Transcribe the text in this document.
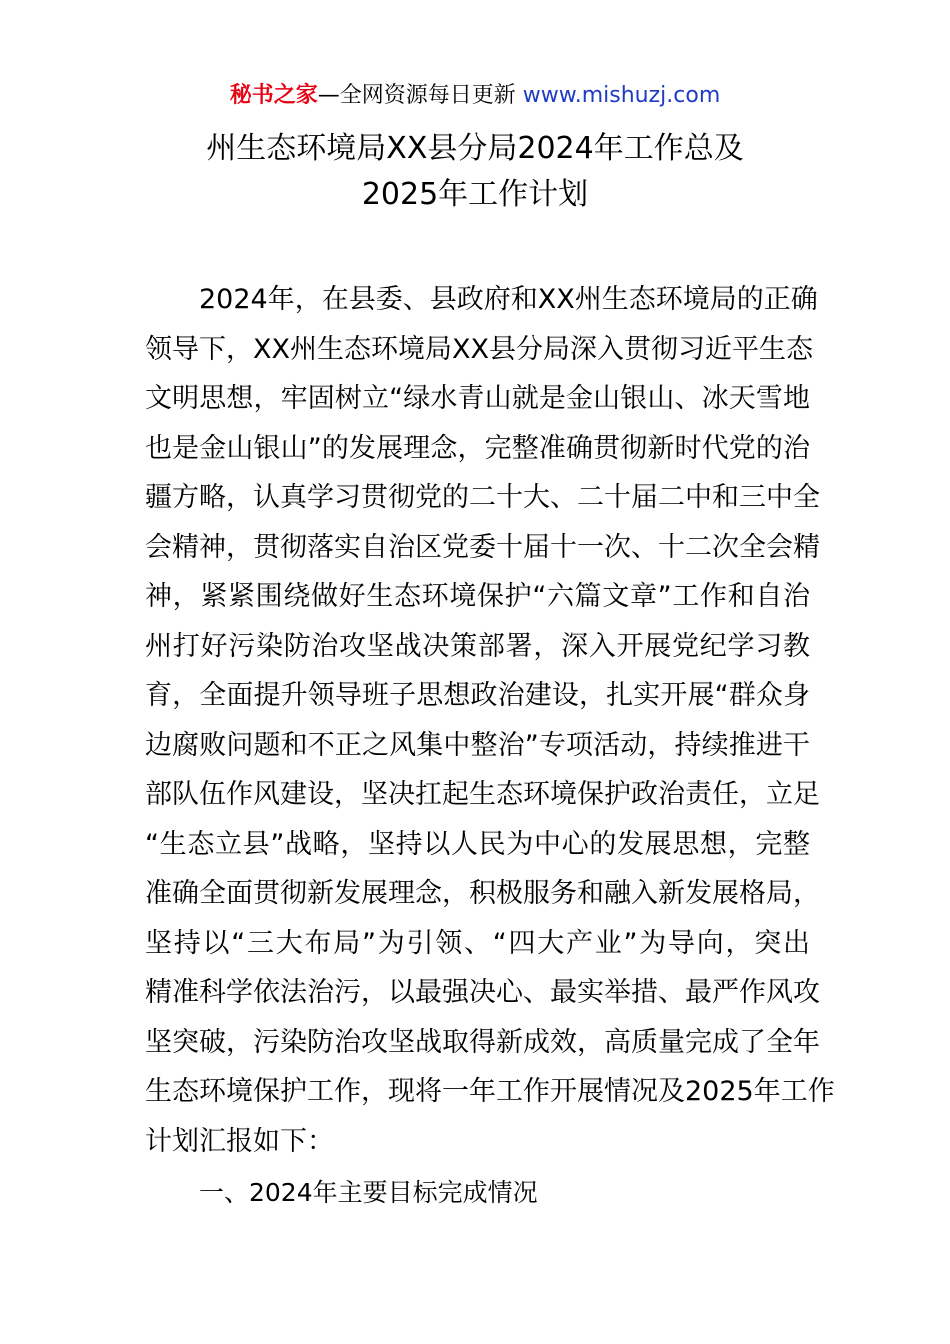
秘书之家—全网资源每日更新 www.mishuzj.com
州生态环境局XX县分局2024年工作总及
2025年工作计划
2024年，在县委、县政府和XX州生态环境局的正确
领导下，XX州生态环境局XX县分局深入贯彻习近平生态
文明思想，牢固树立“绿水青山就是金山银山、冰天雪地
也是金山银山”的发展理念，完整准确贯彻新时代党的治
疆方略，认真学习贯彻党的二十大、二十届二中和三中全
会精神，贯彻落实自治区党委十届十一次、十二次全会精
神，紧紧围绕做好生态环境保护“六篇文章”工作和自治
州打好污染防治攻坚战决策部署，深入开展党纪学习教
育，全面提升领导班子思想政治建设，扎实开展“群众身
边腐败问题和不正之风集中整治”专项活动，持续推进干
部队伍作风建设，坚决扛起生态环境保护政治责任，立足
“生态立县”战略，坚持以人民为中心的发展思想，完整
准确全面贯彻新发展理念，积极服务和融入新发展格局，
坚持以“三大布局”为引领、“四大产业”为导向，突出
精准科学依法治污，以最强决心、最实举措、最严作风攻
坚突破，污染防治攻坚战取得新成效，高质量完成了全年
生态环境保护工作，现将一年工作开展情况及2025年工作
计划汇报如下：
一、2024年主要目标完成情况
